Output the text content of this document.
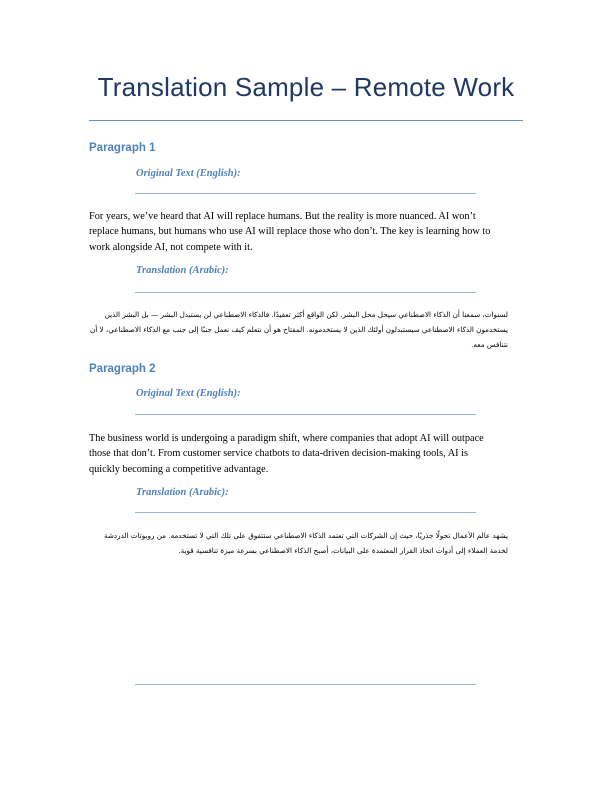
Translation Sample – Remote Work
Paragraph 1
Original Text (English):
For years, we’ve heard that AI will replace humans. But the reality is more nuanced. AI won’t replace humans, but humans who use AI will replace those who don’t. The key is learning how to work alongside AI, not compete with it.
Translation (Arabic):
لسنوات، سمعنا أن الذكاء الاصطناعي سيحل محل البشر. لكن الواقع أكثر تعقيدًا. فالذكاء الاصطناعي لن يستبدل البشر — بل البشر الذين يستخدمون الذكاء الاصطناعي سيستبدلون أولئك الذين لا يستخدمونه. المفتاح هو أن نتعلم كيف نعمل جنبًا إلى جنب مع الذكاء الاصطناعي، لا أن نتنافس معه.
Paragraph 2
Original Text (English):
The business world is undergoing a paradigm shift, where companies that adopt AI will outpace those that don’t. From customer service chatbots to data-driven decision-making tools, AI is quickly becoming a competitive advantage.
Translation (Arabic):
يشهد عالم الأعمال تحولًا جذريًا، حيث إن الشركات التي تعتمد الذكاء الاصطناعي ستتفوق على تلك التي لا تستخدمه. من روبوتات الدردشة لخدمة العملاء إلى أدوات اتخاذ القرار المعتمدة على البيانات، أصبح الذكاء الاصطناعي بسرعة ميزة تنافسية قوية.
